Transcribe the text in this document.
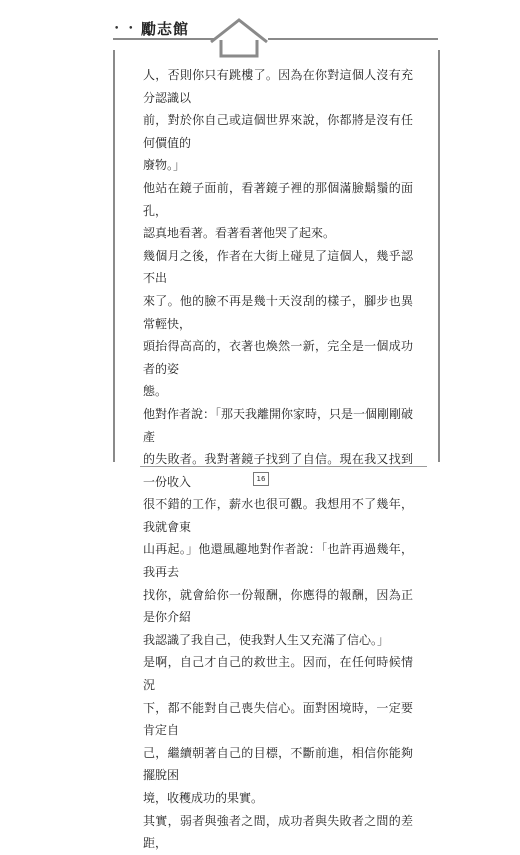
• • 勵志館

人，否則你只有跳樓了。因為在你對這個人沒有充分認識以
前，對於你自己或這個世界來說，你都將是沒有任何價值的
廢物。」

他站在鏡子面前，看著鏡子裡的那個滿臉鬍鬚的面孔，
認真地看著。看著看著他哭了起來。

幾個月之後，作者在大街上碰見了這個人，幾乎認不出
來了。他的臉不再是幾十天沒刮的樣子，腳步也異常輕快，
頭抬得高高的，衣著也煥然一新，完全是一個成功者的姿
態。

他對作者說：「那天我離開你家時，只是一個剛剛破產
的失敗者。我對著鏡子找到了自信。現在我又找到一份收入
很不錯的工作，薪水也很可觀。我想用不了幾年，我就會東
山再起。」他還風趣地對作者說：「也許再過幾年，我再去
找你，就會給你一份報酬，你應得的報酬，因為正是你介紹
我認識了我自己，使我對人生又充滿了信心。」

是啊，自己才自己的救世主。因而，在任何時候情況
下，都不能對自己喪失信心。面對困境時，一定要肯定自
己，繼續朝著自己的目標，不斷前進，相信你能夠擺脫困
境，收穫成功的果實。

其實，弱者與強者之間，成功者與失敗者之間的差距，

16
